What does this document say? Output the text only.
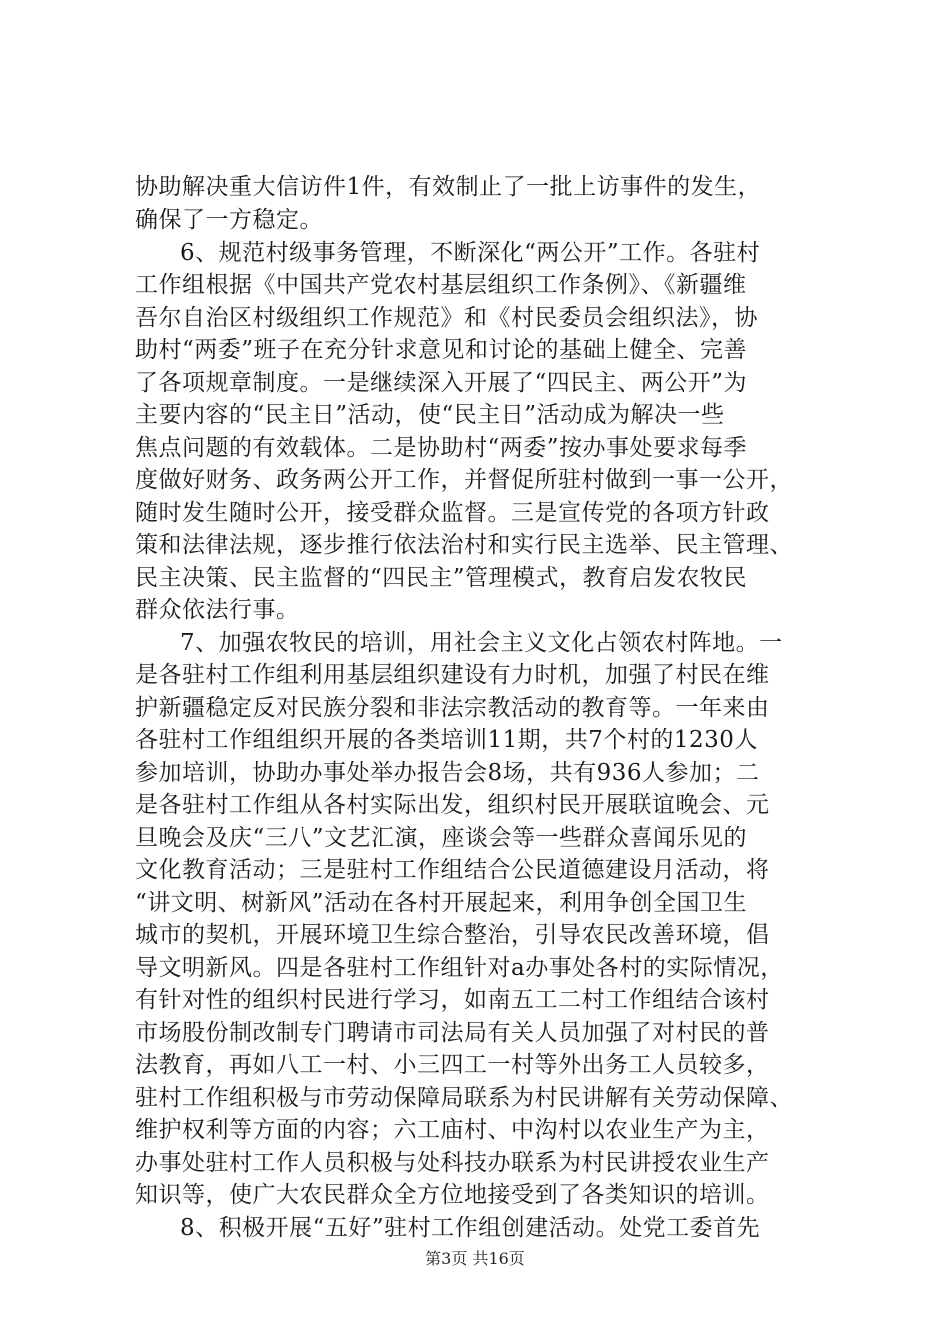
协助解决重大信访件1件，有效制止了一批上访事件的发生，
确保了一方稳定。
6、规范村级事务管理，不断深化“两公开”工作。各驻村
工作组根据《中国共产党农村基层组织工作条例》、《新疆维
吾尔自治区村级组织工作规范》和《村民委员会组织法》，协
助村“两委”班子在充分针求意见和讨论的基础上健全、完善
了各项规章制度。一是继续深入开展了“四民主、两公开”为
主要内容的“民主日”活动，使“民主日”活动成为解决一些
焦点问题的有效载体。二是协助村“两委”按办事处要求每季
度做好财务、政务两公开工作，并督促所驻村做到一事一公开，
随时发生随时公开，接受群众监督。三是宣传党的各项方针政
策和法律法规，逐步推行依法治村和实行民主选举、民主管理、
民主决策、民主监督的“四民主”管理模式，教育启发农牧民
群众依法行事。
7、加强农牧民的培训，用社会主义文化占领农村阵地。一
是各驻村工作组利用基层组织建设有力时机，加强了村民在维
护新疆稳定反对民族分裂和非法宗教活动的教育等。一年来由
各驻村工作组组织开展的各类培训11期，共7个村的1230人
参加培训，协助办事处举办报告会8场，共有936人参加；二
是各驻村工作组从各村实际出发，组织村民开展联谊晚会、元
旦晚会及庆“三八”文艺汇演，座谈会等一些群众喜闻乐见的
文化教育活动；三是驻村工作组结合公民道德建设月活动，将
“讲文明、树新风”活动在各村开展起来，利用争创全国卫生
城市的契机，开展环境卫生综合整治，引导农民改善环境，倡
导文明新风。四是各驻村工作组针对a办事处各村的实际情况，
有针对性的组织村民进行学习，如南五工二村工作组结合该村
市场股份制改制专门聘请市司法局有关人员加强了对村民的普
法教育，再如八工一村、小三四工一村等外出务工人员较多，
驻村工作组积极与市劳动保障局联系为村民讲解有关劳动保障、
维护权利等方面的内容；六工庙村、中沟村以农业生产为主，
办事处驻村工作人员积极与处科技办联系为村民讲授农业生产
知识等，使广大农民群众全方位地接受到了各类知识的培训。
8、积极开展“五好”驻村工作组创建活动。处党工委首先
第3页 共16页
